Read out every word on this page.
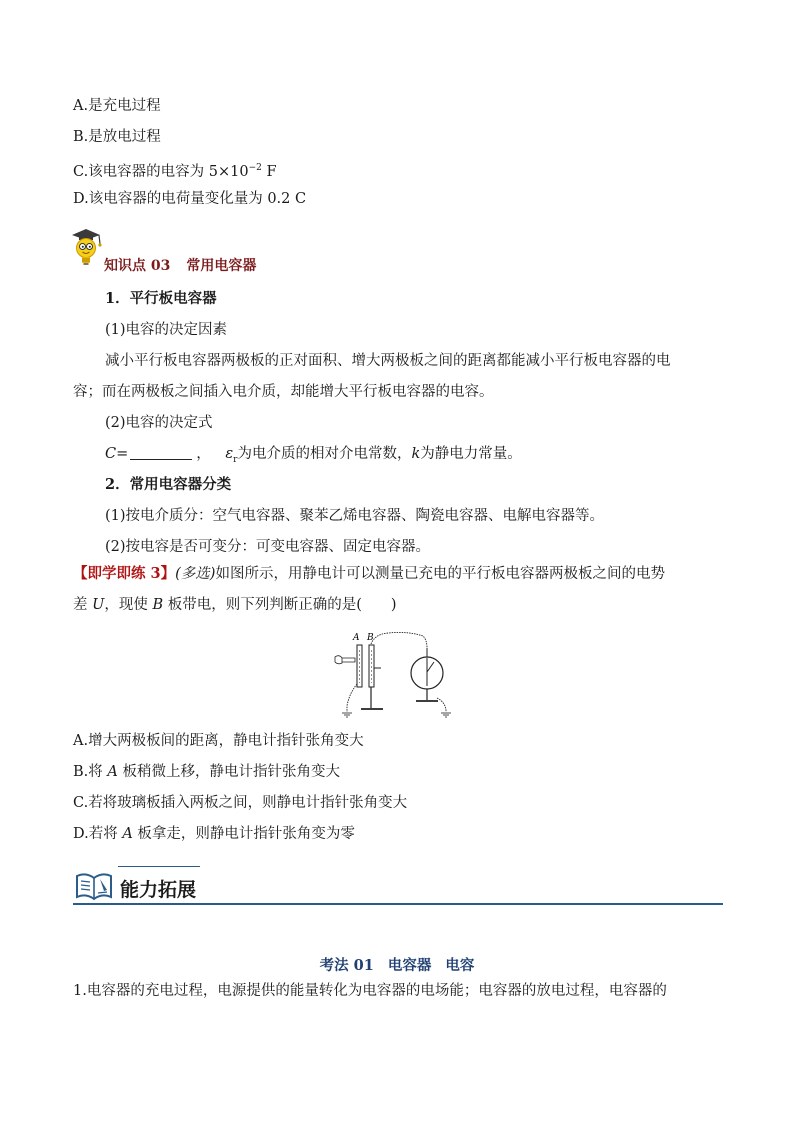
A.是充电过程
B.是放电过程
C.该电容器的电容为 $5\times 10^{-2}$ F
D.该电容器的电荷量变化量为 0.2 C
知识点 03 常用电容器
1．平行板电容器
(1)电容的决定因素
减小平行板电容器两极板的正对面积、增大两极板之间的距离都能减小平行板电容器的电
容；而在两极板之间插入电介质，却能增大平行板电容器的电容。
(2)电容的决定式
C=	， $\varepsilon_r$为电介质的相对介电常数，k为静电力常量。
2．常用电容器分类
(1)按电介质分：空气电容器、聚苯乙烯电容器、陶瓷电容器、电解电容器等。
(2)按电容是否可变分：可变电容器、固定电容器。
【即学即练 3】(多选)如图所示，用静电计可以测量已充电的平行板电容器两极板之间的电势
差 U，现使 B 板带电，则下列判断正确的是(　　)
A B
A.增大两极板间的距离，静电计指针张角变大
B.将 A 板稍微上移，静电计指针张角变大
C.若将玻璃板插入两板之间，则静电计指针张角变大
D.若将 A 板拿走，则静电计指针张角变为零
能力拓展
考法 01 电容器 电容
1.电容器的充电过程，电源提供的能量转化为电容器的电场能；电容器的放电过程，电容器的
